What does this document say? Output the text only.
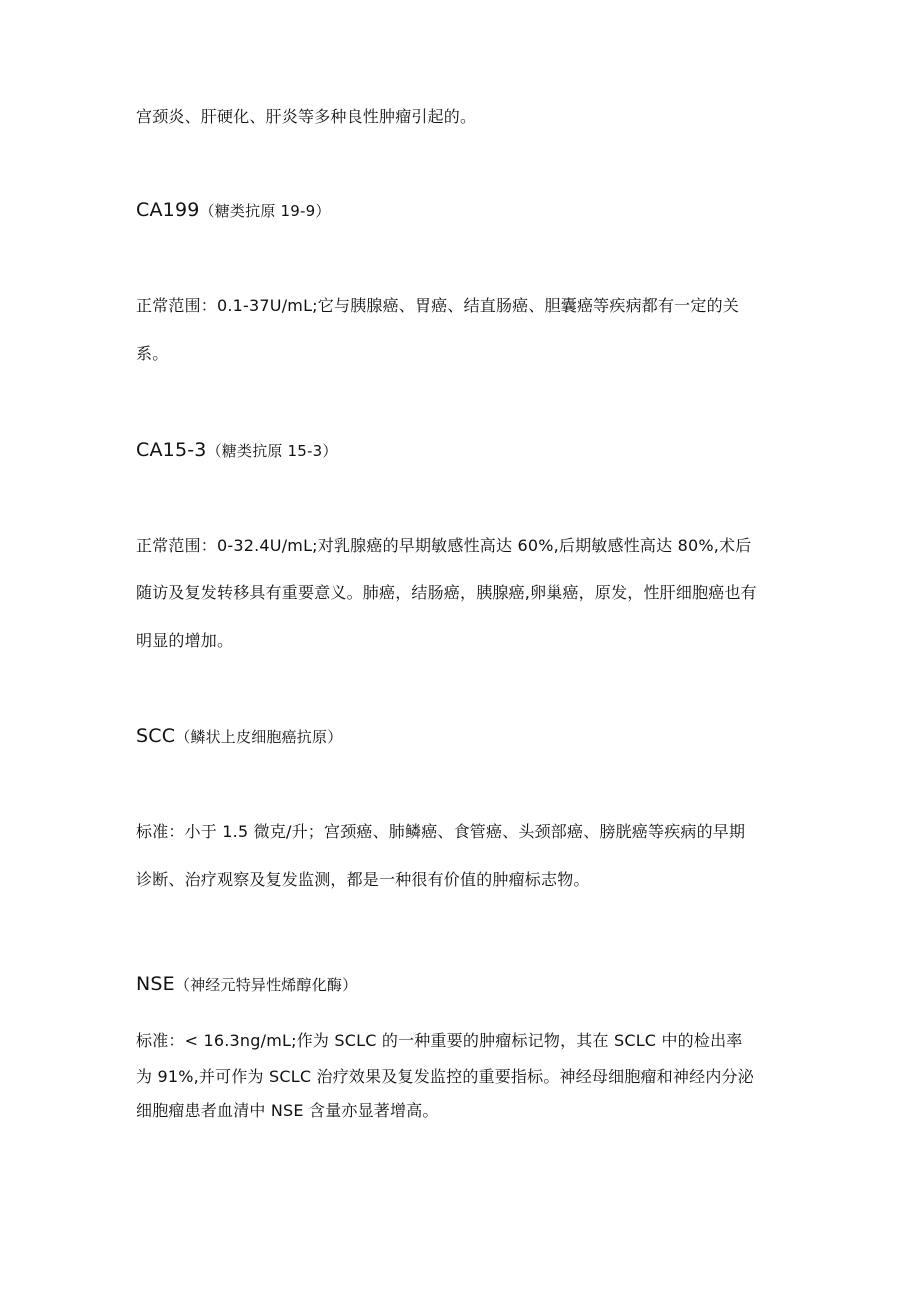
宫颈炎、肝硬化、肝炎等多种良性肿瘤引起的。
CA199（糖类抗原 19-9）
正常范围：0.1-37U/mL;它与胰腺癌、胃癌、结直肠癌、胆囊癌等疾病都有一定的关
系。
CA15-3（糖类抗原 15-3）
正常范围：0-32.4U/mL;对乳腺癌的早期敏感性高达 60%,后期敏感性高达 80%,术后
随访及复发转移具有重要意义。肺癌，结肠癌，胰腺癌,卵巢癌，原发，性肝细胞癌也有
明显的增加。
SCC（鳞状上皮细胞癌抗原）
标准：小于 1.5 微克/升；宫颈癌、肺鳞癌、食管癌、头颈部癌、膀胱癌等疾病的早期
诊断、治疗观察及复发监测，都是一种很有价值的肿瘤标志物。
NSE（神经元特异性烯醇化酶）
标准：< 16.3ng/mL;作为 SCLC 的一种重要的肿瘤标记物，其在 SCLC 中的检出率
为 91%,并可作为 SCLC 治疗效果及复发监控的重要指标。神经母细胞瘤和神经内分泌
细胞瘤患者血清中 NSE 含量亦显著增高。
